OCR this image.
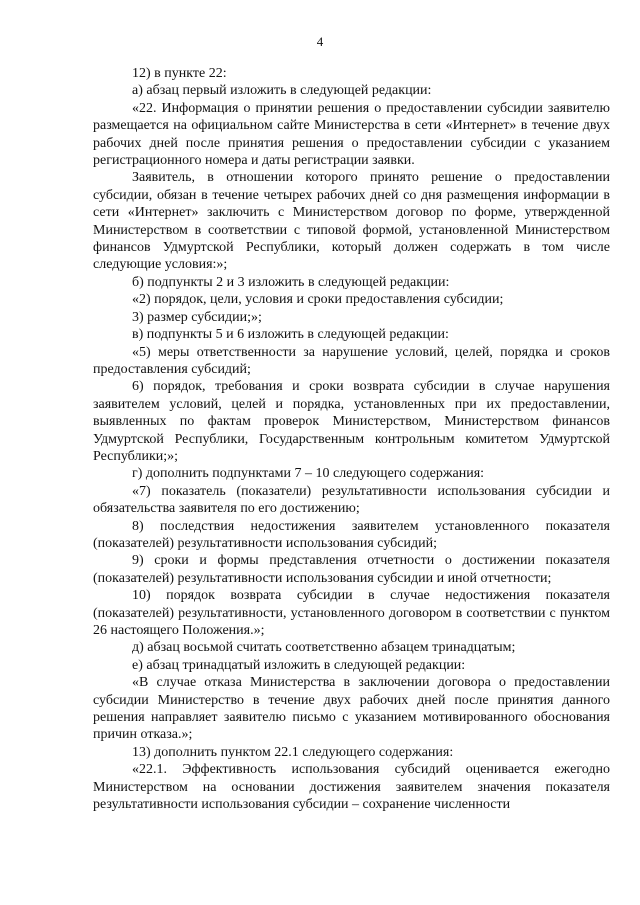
4

12) в пункте 22:

а) абзац первый изложить в следующей редакции:

«22. Информация о принятии решения о предоставлении субсидии заявителю размещается на официальном сайте Министерства в сети «Интернет» в течение двух рабочих дней после принятия решения о предоставлении субсидии с указанием регистрационного номера и даты регистрации заявки.

Заявитель, в отношении которого принято решение о предоставлении субсидии, обязан в течение четырех рабочих дней со дня размещения информации в сети «Интернет» заключить с Министерством договор по форме, утвержденной Министерством в соответствии с типовой формой, установленной Министерством финансов Удмуртской Республики, который должен содержать в том числе следующие условия:»;

б) подпункты 2 и 3 изложить в следующей редакции:

«2) порядок, цели, условия и сроки предоставления субсидии;

3) размер субсидии;»;

в) подпункты 5 и 6 изложить в следующей редакции:

«5) меры ответственности за нарушение условий, целей, порядка и сроков предоставления субсидий;

6) порядок, требования и сроки возврата субсидии в случае нарушения заявителем условий, целей и порядка, установленных при их предоставлении, выявленных по фактам проверок Министерством, Министерством финансов Удмуртской Республики, Государственным контрольным комитетом Удмуртской Республики;»;

г) дополнить подпунктами 7 – 10 следующего содержания:

«7) показатель (показатели) результативности использования субсидии и обязательства заявителя по его достижению;

8) последствия недостижения заявителем установленного показателя (показателей) результативности использования субсидий;

9) сроки и формы представления отчетности о достижении показателя (показателей) результативности использования субсидии и иной отчетности;

10) порядок возврата субсидии в случае недостижения показателя (показателей) результативности, установленного договором в соответствии с пунктом 26 настоящего Положения.»;

д) абзац восьмой считать соответственно абзацем тринадцатым;

е) абзац тринадцатый изложить в следующей редакции:

«В случае отказа Министерства в заключении договора о предоставлении субсидии Министерство в течение двух рабочих дней после принятия данного решения направляет заявителю письмо с указанием мотивированного обоснования причин отказа.»;

13) дополнить пунктом 22.1 следующего содержания:

«22.1. Эффективность использования субсидий оценивается ежегодно Министерством на основании достижения заявителем значения показателя результативности использования субсидии – сохранение численности
